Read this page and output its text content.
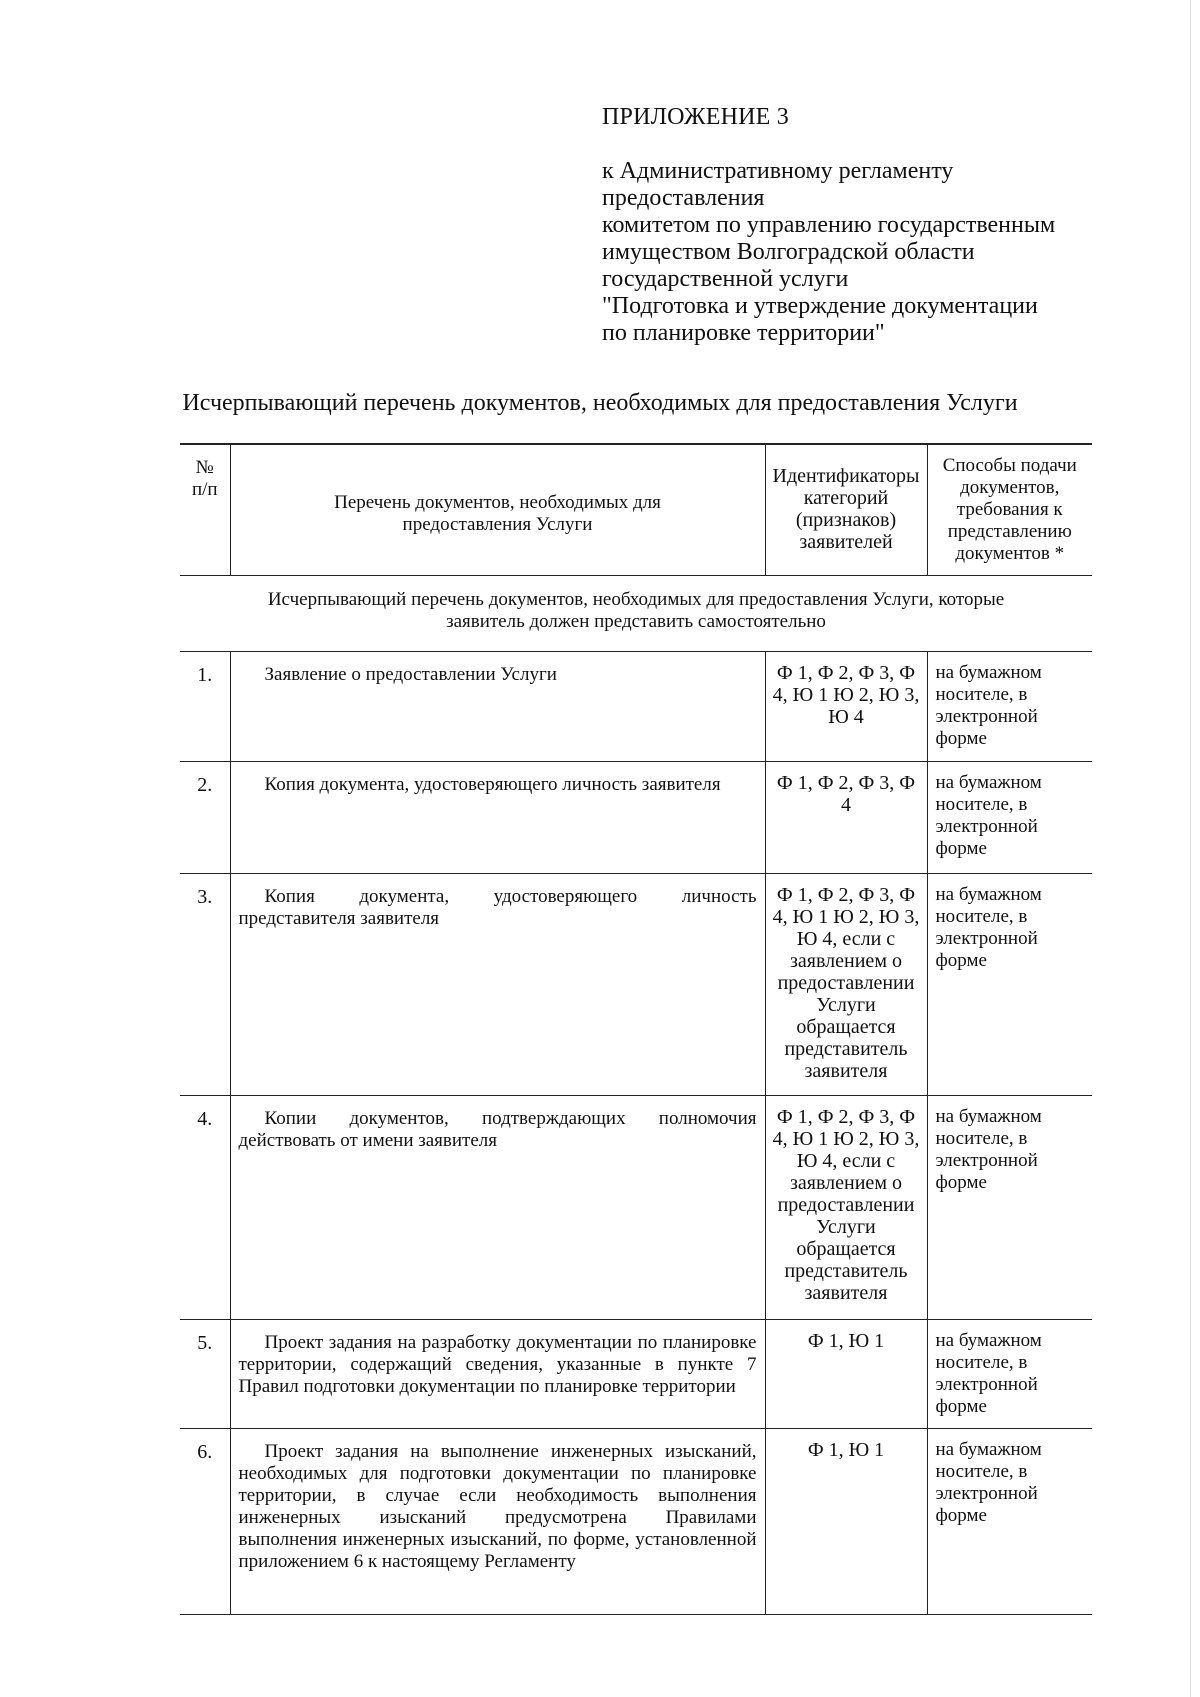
ПРИЛОЖЕНИЕ 3
к Административному регламенту
предоставления
комитетом по управлению государственным
имуществом Волгоградской области
государственной услуги
"Подготовка и утверждение документации
по планировке территории"
Исчерпывающий перечень документов, необходимых для предоставления Услуги
№ п/п	Перечень документов, необходимых для предоставления Услуги	Идентификаторы категорий (признаков) заявителей	Способы подачи документов, требования к представлению документов *

Исчерпывающий перечень документов, необходимых для предоставления Услуги, которые заявитель должен представить самостоятельно			

1.	Заявление о предоставлении Услуги	Ф 1, Ф 2, Ф 3, Ф 4, Ю 1 Ю 2, Ю 3, Ю 4	на бумажном носителе, в электронной форме
2.	Копия документа, удостоверяющего личность заявителя	Ф 1, Ф 2, Ф 3, Ф 4	на бумажном носителе, в электронной форме
3.	Копия документа, удостоверяющего личность представителя заявителя	Ф 1, Ф 2, Ф 3, Ф 4, Ю 1 Ю 2, Ю 3, Ю 4, если с заявлением о предоставлении Услуги обращается представитель заявителя	на бумажном носителе, в электронной форме
4.	Копии документов, подтверждающих полномочия действовать от имени заявителя	Ф 1, Ф 2, Ф 3, Ф 4, Ю 1 Ю 2, Ю 3, Ю 4, если с заявлением о предоставлении Услуги обращается представитель заявителя	на бумажном носителе, в электронной форме
5.	Проект задания на разработку документации по планировке территории, содержащий сведения, указанные в пункте 7 Правил подготовки документации по планировке территории	Ф 1, Ю 1	на бумажном носителе, в электронной форме
6.	Проект задания на выполнение инженерных изысканий, необходимых для подготовки документации по планировке территории, в случае если необходимость выполнения инженерных изысканий предусмотрена Правилами выполнения инженерных изысканий, по форме, установленной приложением 6 к настоящему Регламенту	Ф 1, Ю 1	на бумажном носителе, в электронной форме
